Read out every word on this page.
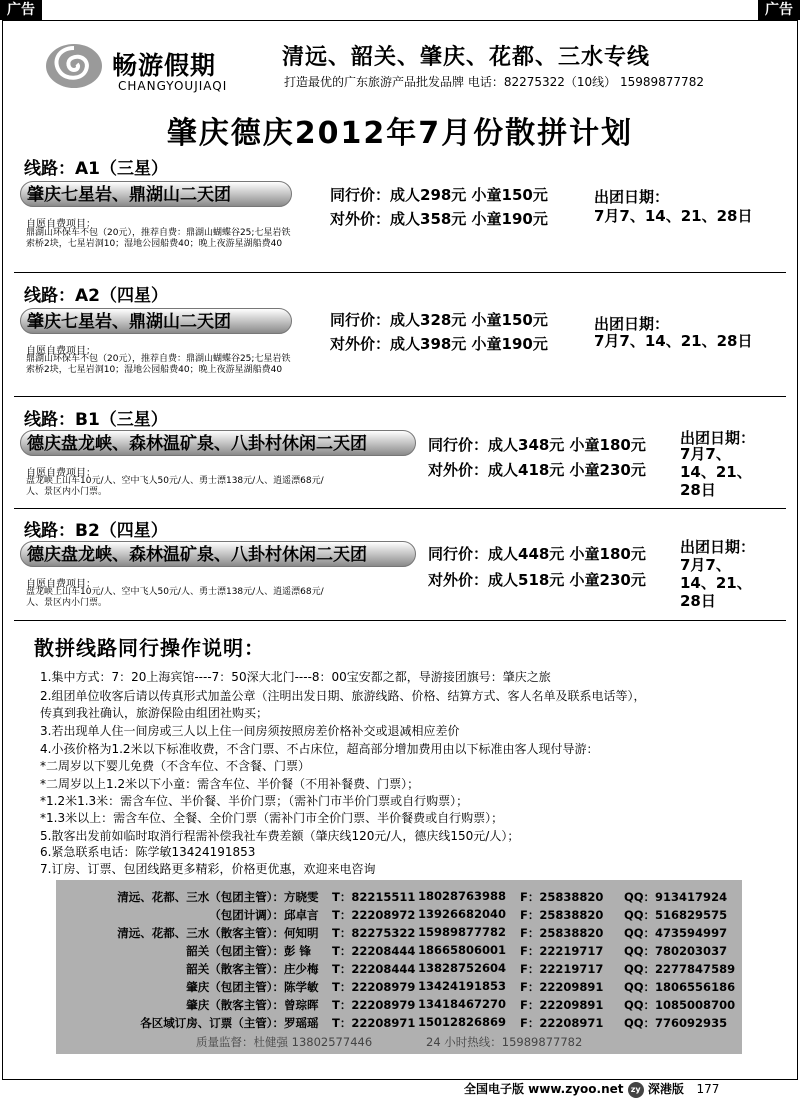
广告	广告
畅游假期
CHANGYOUJIAQI
清远、韶关、肇庆、花都、三水专线
打造最优的广东旅游产品批发品牌 电话：82275322（10线） 15989877782
肇庆德庆2012年7月份散拼计划
线路：A1（三星）
肇庆七星岩、鼎湖山二天团
自愿自费项目：
鼎湖山环保车不包（20元），推荐自费：鼎湖山蝴蝶谷25;七星岩铁索桥2块，七星岩洞10；湿地公园船费40；晚上夜游星湖船费40
同行价：成人298元 小童150元
对外价：成人358元 小童190元
出团日期：
7月7、14、21、28日
线路：A2（四星）
肇庆七星岩、鼎湖山二天团
自愿自费项目：
鼎湖山环保车不包（20元），推荐自费：鼎湖山蝴蝶谷25;七星岩铁索桥2块，七星岩洞10；湿地公园船费40；晚上夜游星湖船费40
同行价：成人328元 小童150元
对外价：成人398元 小童190元
出团日期：
7月7、14、21、28日
线路：B1（三星）
德庆盘龙峡、森林温矿泉、八卦村休闲二天团
自愿自费项目：
盘龙峡上山车10元/人、空中飞人50元/人、勇士漂138元/人、逍遥漂68元/人、景区内小门票。
同行价：成人348元 小童180元
对外价：成人418元 小童230元
出团日期：
7月7、14、21、28日
线路：B2（四星）
德庆盘龙峡、森林温矿泉、八卦村休闲二天团
自愿自费项目：
盘龙峡上山车10元/人、空中飞人50元/人、勇士漂138元/人、逍遥漂68元/人、景区内小门票。
同行价：成人448元 小童180元
对外价：成人518元 小童230元
出团日期：
7月7、14、21、28日
散拼线路同行操作说明：
1.集中方式：7：20上海宾馆----7：50深大北门----8：00宝安都之都，导游接团旗号：肇庆之旅
2.组团单位收客后请以传真形式加盖公章（注明出发日期、旅游线路、价格、结算方式、客人名单及联系电话等），
传真到我社确认，旅游保险由组团社购买；
3.若出现单人住一间房或三人以上住一间房须按照房差价格补交或退减相应差价
4.小孩价格为1.2米以下标准收费，不含门票、不占床位，超高部分增加费用由以下标准由客人现付导游：
*二周岁以下婴儿免费（不含车位、不含餐、门票）
*二周岁以上1.2米以下小童：需含车位、半价餐（不用补餐费、门票）；
*1.2米1.3米：需含车位、半价餐、半价门票；（需补门市半价门票或自行购票）；
*1.3米以上：需含车位、全餐、全价门票（需补门市全价门票、半价餐费或自行购票）；
5.散客出发前如临时取消行程需补偿我社车费差额（肇庆线120元/人，德庆线150元/人）；
6.紧急联系电话：陈学敏13424191853
7.订房、订票、包团线路更多精彩，价格更优惠，欢迎来电咨询
清远、花都、三水（包团主管）： 方晓雯 T：82215511 18028763988 F：25838820 QQ：913417924
（包团计调）： 邱卓言 T：22208972 13926682040 F：25838820 QQ：516829575
清远、花都、三水（散客主管）： 何知明 T：82275322 15989877782 F：25838820 QQ：473594997
韶关（包团主管）： 彭 锋 T：22208444 18665806001 F：22219717 QQ：780203037
韶关（散客主管）： 庄少梅 T：22208444 13828752604 F：22219717 QQ：2277847589
肇庆（包团主管）： 陈学敏 T：22208979 13424191853 F：22209891 QQ：1806556186
肇庆（散客主管）： 曾琮晖 T：22208979 13418467270 F：22209891 QQ：1085008700
各区域订房、订票（主管）： 罗瑶瑶 T：22208971 15012826869 F：22208971 QQ：776092935
质量监督：杜健强 13802577446	24 小时热线：15989877782
全国电子版 www.zyoo.net zy 深港版 177
